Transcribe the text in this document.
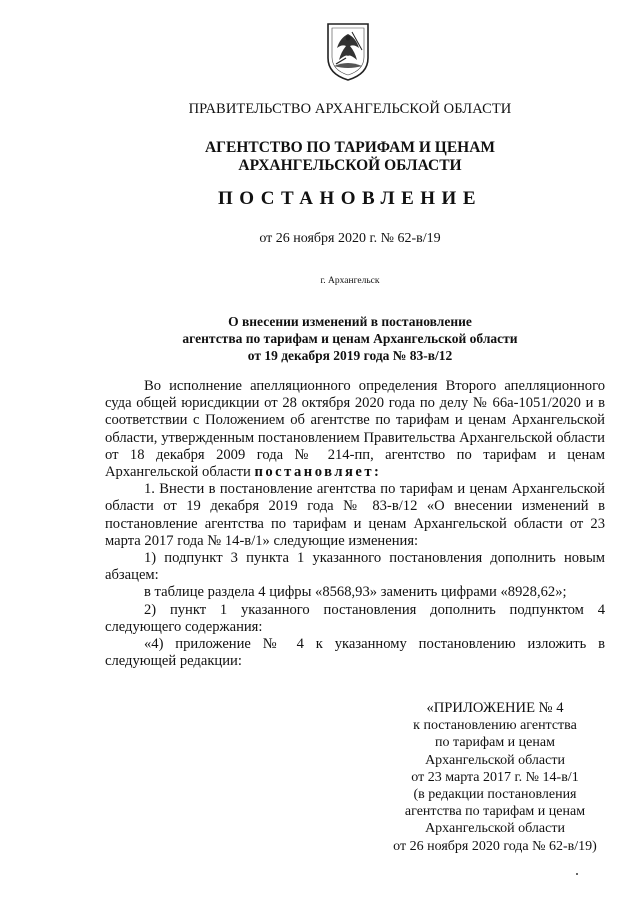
ПРАВИТЕЛЬСТВО АРХАНГЕЛЬСКОЙ ОБЛАСТИ
АГЕНТСТВО ПО ТАРИФАМ И ЦЕНАМ
АРХАНГЕЛЬСКОЙ ОБЛАСТИ
ПОСТАНОВЛЕНИЕ
от 26 ноября 2020 г. № 62-в/19
г. Архангельск
О внесении изменений в постановление
агентства по тарифам и ценам Архангельской области
от 19 декабря 2019 года № 83-в/12

Во исполнение апелляционного определения Второго апелляционного суда общей юрисдикции от 28 октября 2020 года по делу № 66а-1051/2020 и в соответствии с Положением об агентстве по тарифам и ценам Архангельской области, утвержденным постановлением Правительства Архангельской области от 18 декабря 2009 года № 214-пп, агентство по тарифам и ценам Архангельской области постановляет:

1. Внести в постановление агентства по тарифам и ценам Архангельской области от 19 декабря 2019 года № 83-в/12 «О внесении изменений в постановление агентства по тарифам и ценам Архангельской области от 23 марта 2017 года № 14-в/1» следующие изменения:

1) подпункт 3 пункта 1 указанного постановления дополнить новым абзацем:

в таблице раздела 4 цифры «8568,93» заменить цифрами «8928,62»;

2) пункт 1 указанного постановления дополнить подпунктом 4 следующего содержания:

«4) приложение № 4 к указанному постановлению изложить в следующей редакции:

«ПРИЛОЖЕНИЕ № 4
к постановлению агентства
по тарифам и ценам
Архангельской области
от 23 марта 2017 г. № 14-в/1
(в редакции постановления
агентства по тарифам и ценам
Архангельской области
от 26 ноября 2020 года № 62-в/19)
